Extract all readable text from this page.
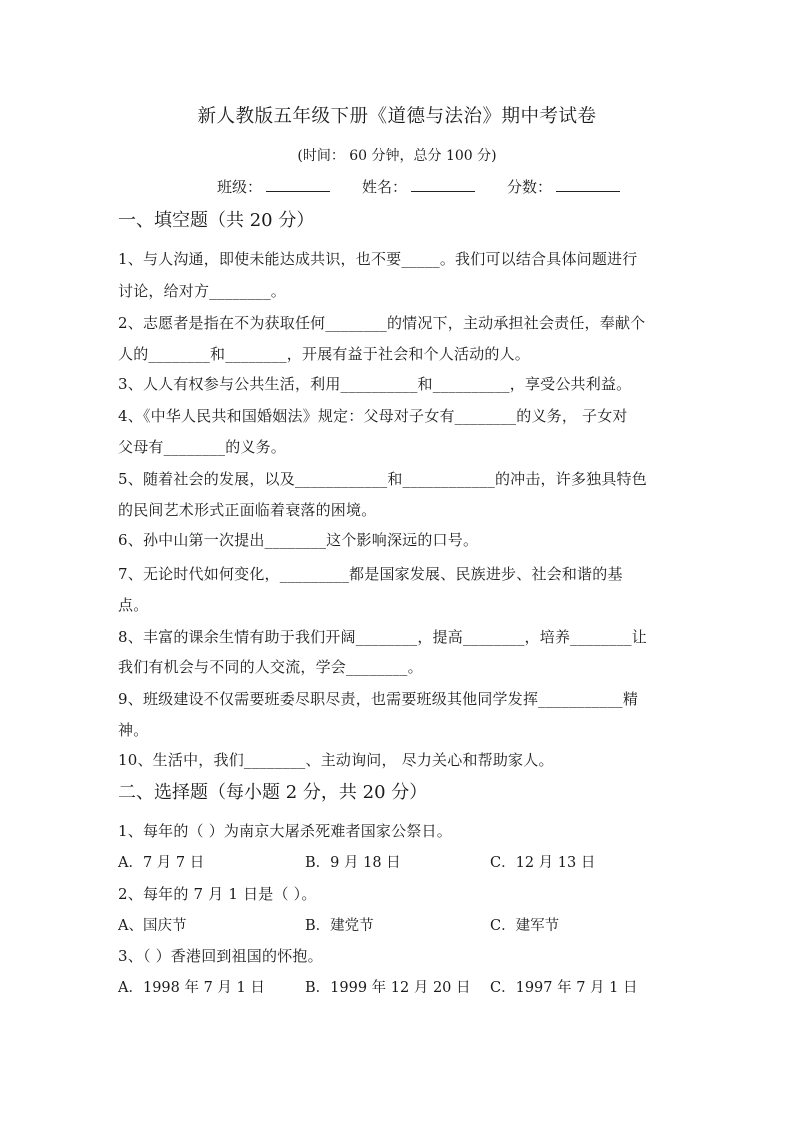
新人教版五年级下册《道德与法治》期中考试卷
(时间： 60 分钟，总分 100 分)
班级：	姓名：	分数：
一、填空题（共 20 分）
1、与人沟通，即使未能达成共识，也不要_____。我们可以结合具体问题进行
讨论，给对方________。
2、志愿者是指在不为获取任何________的情况下，主动承担社会责任，奉献个
人的________和________，开展有益于社会和个人活动的人。
3、人人有权参与公共生活，利用__________和__________，享受公共利益。
4、《中华人民共和国婚姻法》规定：父母对子女有________的义务， 子女对
父母有________的义务。
5、随着社会的发展，以及____________和____________的冲击，许多独具特色
的民间艺术形式正面临着衰落的困境。
6、孙中山第一次提出________这个影响深远的口号。
7、无论时代如何变化，_________都是国家发展、民族进步、社会和谐的基
点。
8、丰富的课余生情有助于我们开阔________，提高________，培养________让
我们有机会与不同的人交流，学会________。
9、班级建设不仅需要班委尽职尽责，也需要班级其他同学发挥___________精
神。
10、生活中，我们________、主动询问， 尽力关心和帮助家人。
二、选择题（每小题 2 分，共 20 分）
1、每年的（ ）为南京大屠杀死难者国家公祭日。
A．7 月 7 日	B．9 月 18 日	C．12 月 13 日
2、每年的 7 月 1 日是（ ）。
A、国庆节	B．建党节	C．建军节
3、（ ）香港回到祖国的怀抱。
A．1998 年 7 月 1 日	B．1999 年 12 月 20 日 C．1997 年 7 月 1 日
